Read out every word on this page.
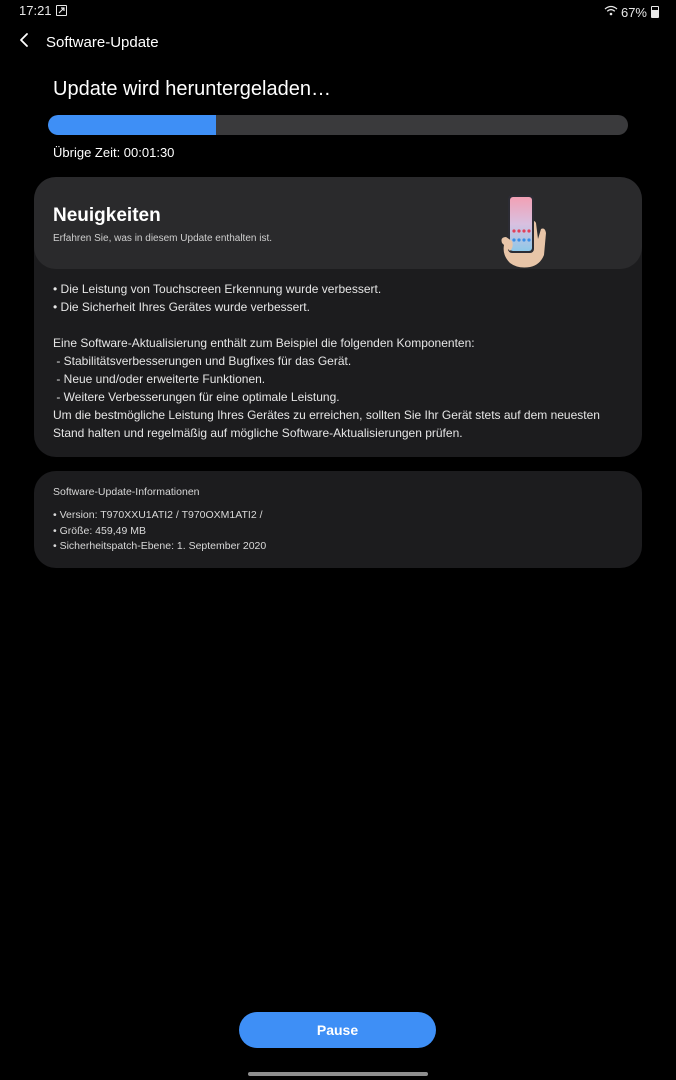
17:21	67%
Software-Update
Update wird heruntergeladen…
Übrige Zeit: 00:01:30
Neuigkeiten
Erfahren Sie, was in diesem Update enthalten ist.
• Die Leistung von Touchscreen Erkennung wurde verbessert.
• Die Sicherheit Ihres Gerätes wurde verbessert.
Eine Software-Aktualisierung enthält zum Beispiel die folgenden Komponenten:
- Stabilitätsverbesserungen und Bugfixes für das Gerät.
- Neue und/oder erweiterte Funktionen.
- Weitere Verbesserungen für eine optimale Leistung.
Um die bestmögliche Leistung Ihres Gerätes zu erreichen, sollten Sie Ihr Gerät stets auf dem neuesten
Stand halten und regelmäßig auf mögliche Software-Aktualisierungen prüfen.
Software-Update-Informationen
• Version: T970XXU1ATI2 / T970OXM1ATI2 /
• Größe: 459,49 MB
• Sicherheitspatch-Ebene: 1. September 2020
Pause
